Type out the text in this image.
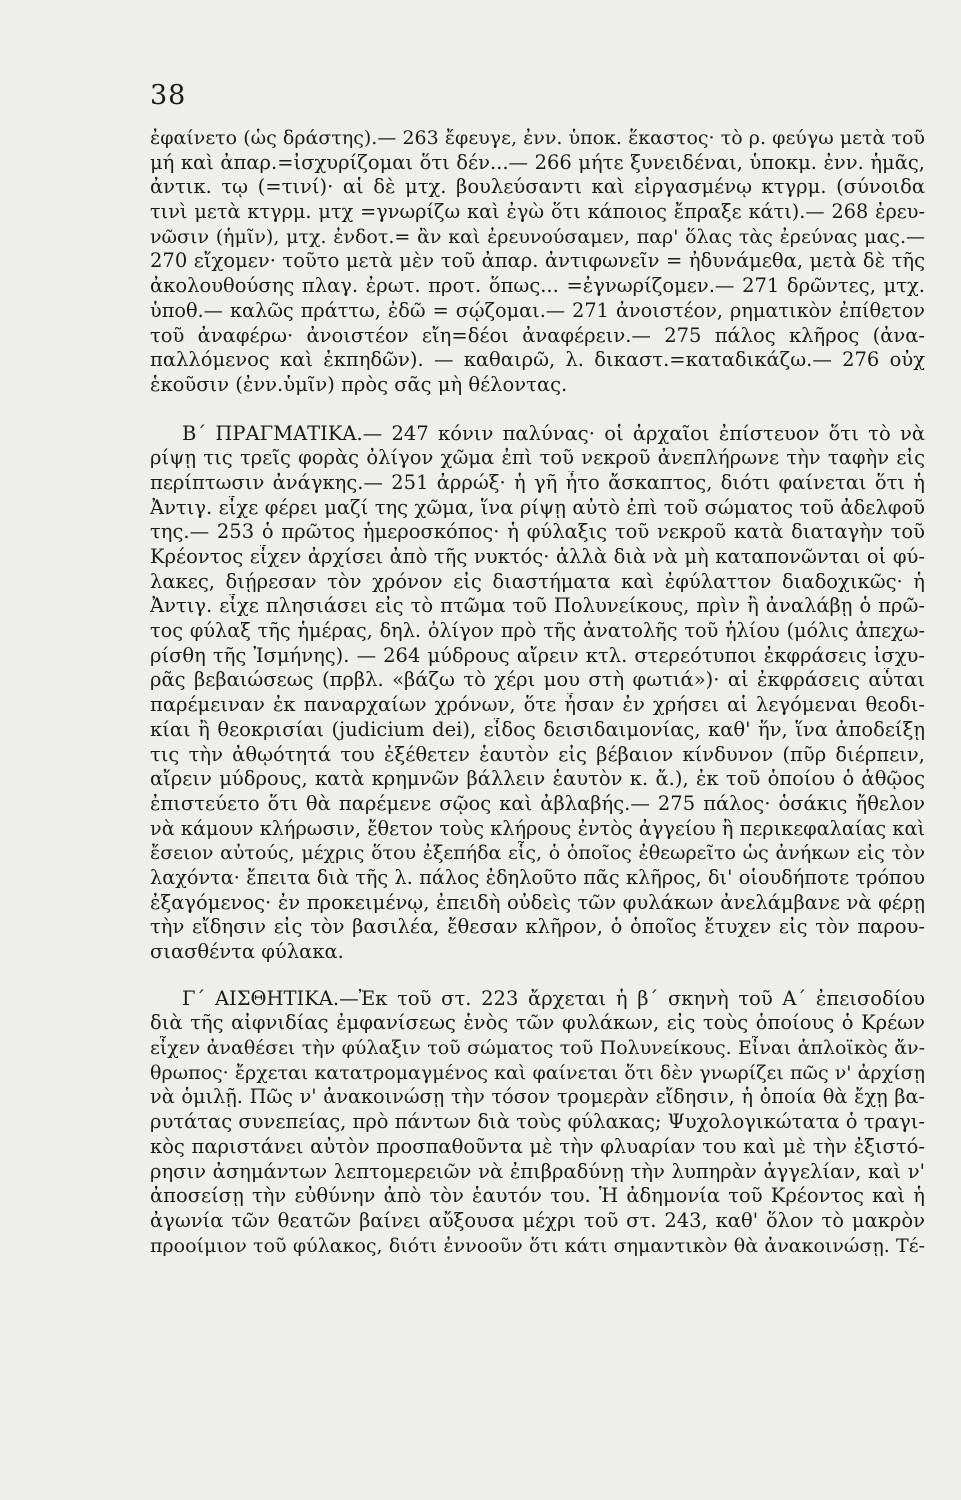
38
ἐφαίνετο (ὡς δράστης).— 263 ἔφευγε, ἐνν. ὑποκ. ἕκαστος· τὸ ρ. φεύγω μετὰ τοῦ
μή καὶ ἀπαρ.=ἰσχυρίζομαι ὅτι δέν...— 266 μήτε ξυνειδέναι, ὑποκμ. ἐνν. ἡμᾶς,
ἀντικ. τῳ (=τινί)· αἱ δὲ μτχ. βουλεύσαντι καὶ εἰργασμένῳ κτγρμ. (σύνοιδα
τινὶ μετὰ κτγρμ. μτχ =γνωρίζω καὶ ἐγὼ ὅτι κάποιος ἔπραξε κάτι).— 268 ἐρευ-
νῶσιν (ἡμῖν), μτχ. ἐνδοτ.= ἂν καὶ ἐρευνούσαμεν, παρ' ὅλας τὰς ἐρεύνας μας.—
270 εἴχομεν· τοῦτο μετὰ μὲν τοῦ ἀπαρ. ἀντιφωνεῖν = ἠδυνάμεθα, μετὰ δὲ τῆς
ἀκολουθούσης πλαγ. ἐρωτ. προτ. ὅπως... =ἐγνωρίζομεν.— 271 δρῶντες, μτχ.
ὑποθ.— καλῶς πράττω, ἐδῶ = σῴζομαι.— 271 ἀνοιστέον, ρηματικὸν ἐπίθετον
τοῦ ἀναφέρω· ἀνοιστέον εἴη=δέοι ἀναφέρειν.— 275 πάλος κλῆρος (ἀνα-
παλλόμενος καὶ ἐκπηδῶν). — καθαιρῶ, λ. δικαστ.=καταδικάζω.— 276 οὐχ
ἑκοῦσιν (ἐνν.ὑμῖν) πρὸς σᾶς μὴ θέλοντας.
Β΄ ΠΡΑΓΜΑΤΙΚΑ.— 247 κόνιν παλύνας· οἱ ἀρχαῖοι ἐπίστευον ὅτι τὸ νὰ
ρίψῃ τις τρεῖς φορὰς ὀλίγον χῶμα ἐπὶ τοῦ νεκροῦ ἀνεπλήρωνε τὴν ταφὴν εἰς
περίπτωσιν ἀνάγκης.— 251 ἀρρώξ· ἡ γῆ ἦτο ἄσκαπτος, διότι φαίνεται ὅτι ἡ
Ἀντιγ. εἶχε φέρει μαζί της χῶμα, ἵνα ρίψῃ αὐτὸ ἐπὶ τοῦ σώματος τοῦ ἀδελφοῦ
της.— 253 ὁ πρῶτος ἡμεροσκόπος· ἡ φύλαξις τοῦ νεκροῦ κατὰ διαταγὴν τοῦ
Κρέοντος εἶχεν ἀρχίσει ἀπὸ τῆς νυκτός· ἀλλὰ διὰ νὰ μὴ καταπονῶνται οἱ φύ-
λακες, διῄρεσαν τὸν χρόνον εἰς διαστήματα καὶ ἐφύλαττον διαδοχικῶς· ἡ
Ἀντιγ. εἶχε πλησιάσει εἰς τὸ πτῶμα τοῦ Πολυνείκους, πρὶν ἢ ἀναλάβῃ ὁ πρῶ-
τος φύλαξ τῆς ἡμέρας, δηλ. ὀλίγον πρὸ τῆς ἀνατολῆς τοῦ ἡλίου (μόλις ἀπεχω-
ρίσθη τῆς Ἰσμήνης). — 264 μύδρους αἴρειν κτλ. στερεότυποι ἐκφράσεις ἰσχυ-
ρᾶς βεβαιώσεως (πρβλ. «βάζω τὸ χέρι μου στὴ φωτιά»)· αἱ ἐκφράσεις αὗται
παρέμειναν ἐκ παναρχαίων χρόνων, ὅτε ἦσαν ἐν χρήσει αἱ λεγόμεναι θεοδι-
κίαι ἢ θεοκρισίαι (judicium dei), εἶδος δεισιδαιμονίας, καθ' ἥν, ἵνα ἀποδείξῃ
τις τὴν ἀθῳότητά του ἐξέθετεν ἑαυτὸν εἰς βέβαιον κίνδυνον (πῦρ διέρπειν,
αἴρειν μύδρους, κατὰ κρημνῶν βάλλειν ἑαυτὸν κ. ἄ.), ἐκ τοῦ ὁποίου ὁ ἀθῷος
ἐπιστεύετο ὅτι θὰ παρέμενε σῷος καὶ ἀβλαβής.— 275 πάλος· ὁσάκις ἤθελον
νὰ κάμουν κλήρωσιν, ἔθετον τοὺς κλήρους ἐντὸς ἀγγείου ἢ περικεφαλαίας καὶ
ἔσειον αὐτούς, μέχρις ὅτου ἐξεπήδα εἷς, ὁ ὁποῖος ἐθεωρεῖτο ὡς ἀνήκων εἰς τὸν
λαχόντα· ἔπειτα διὰ τῆς λ. πάλος ἐδηλοῦτο πᾶς κλῆρος, δι' οἱουδήποτε τρόπου
ἐξαγόμενος· ἐν προκειμένῳ, ἐπειδὴ οὐδεὶς τῶν φυλάκων ἀνελάμβανε νὰ φέρῃ
τὴν εἴδησιν εἰς τὸν βασιλέα, ἔθεσαν κλῆρον, ὁ ὁποῖος ἔτυχεν εἰς τὸν παρου-
σιασθέντα φύλακα.
Γ΄ ΑΙΣΘΗΤΙΚΑ.—Ἐκ τοῦ στ. 223 ἄρχεται ἡ β΄ σκηνὴ τοῦ Α΄ ἐπεισοδίου
διὰ τῆς αἰφνιδίας ἐμφανίσεως ἑνὸς τῶν φυλάκων, εἰς τοὺς ὁποίους ὁ Κρέων
εἶχεν ἀναθέσει τὴν φύλαξιν τοῦ σώματος τοῦ Πολυνείκους. Εἶναι ἁπλοϊκὸς ἄν-
θρωπος· ἔρχεται κατατρομαγμένος καὶ φαίνεται ὅτι δὲν γνωρίζει πῶς ν' ἀρχίσῃ
νὰ ὁμιλῇ. Πῶς ν' ἀνακοινώσῃ τὴν τόσον τρομερὰν εἴδησιν, ἡ ὁποία θὰ ἔχῃ βα-
ρυτάτας συνεπείας, πρὸ πάντων διὰ τοὺς φύλακας; Ψυχολογικώτατα ὁ τραγι-
κὸς παριστάνει αὐτὸν προσπαθοῦντα μὲ τὴν φλυαρίαν του καὶ μὲ τὴν ἐξιστό-
ρησιν ἀσημάντων λεπτομερειῶν νὰ ἐπιβραδύνῃ τὴν λυπηρὰν ἀγγελίαν, καὶ ν'
ἀποσείσῃ τὴν εὐθύνην ἀπὸ τὸν ἑαυτόν του. Ἡ ἀδημονία τοῦ Κρέοντος καὶ ἡ
ἀγωνία τῶν θεατῶν βαίνει αὔξουσα μέχρι τοῦ στ. 243, καθ' ὅλον τὸ μακρὸν
προοίμιον τοῦ φύλακος, διότι ἐννοοῦν ὅτι κάτι σημαντικὸν θὰ ἀνακοινώσῃ. Τέ-
